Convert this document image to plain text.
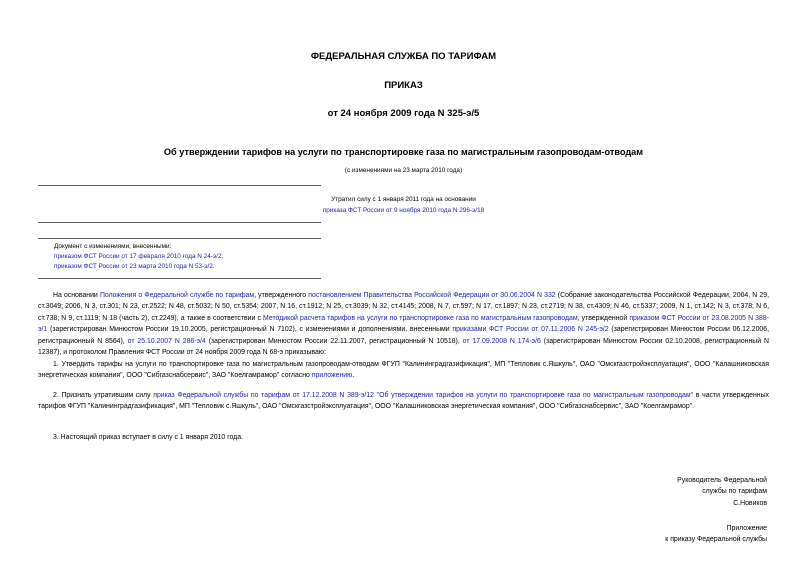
ФЕДЕРАЛЬНАЯ СЛУЖБА ПО ТАРИФАМ
ПРИКАЗ
от 24 ноября 2009 года N 325-э/5
Об утверждении тарифов на услуги по транспортировке газа по магистральным газопроводам-отводам
(с изменениями на 23 марта 2010 года)
Утратил силу с 1 января 2011 года на основании
приказа ФСТ России от 9 ноября 2010 года N 296-э/18
Документ с изменениями, внесенными:
приказом ФСТ России от 17 февраля 2010 года N 24-э/2;
приказом ФСТ России от 23 марта 2010 года N 53-э/2.
На основании Положения о Федеральной службе по тарифам, утвержденного постановлением Правительства Российской Федерации от 30.06.2004 N 332 (Собрание законодательства Российской Федерации, 2004, N 29, ст.3049; 2006, N 3, ст.301; N 23, ст.2522; N 48, ст.5032; N 50, ст.5354; 2007, N 16, ст.1912; N 25, ст.3039; N 32, ст.4145; 2008, N 7, ст.597; N 17, ст.1897; N 23, ст.2719; N 38, ст.4309; N 46, ст.5337; 2009, N 1, ст.142; N 3, ст.378; N 6, ст.738; N 9, ст.1119; N 18 (часть 2), ст.2249), а также в соответствии с Методикой расчета тарифов на услуги по транспортировке газа по магистральным газопроводам, утвержденной приказом ФСТ России от 23.08.2005 N 388-э/1 (зарегистрирован Минюстом России 19.10.2005, регистрационный N 7102), с изменениями и дополнениями, внесенными приказами ФСТ России от 07.11.2006 N 245-э/2 (зарегистрирован Минюстом России 06.12.2006, регистрационный N 8564), от 25.10.2007 N 286-э/4 (зарегистрирован Минюстом России 22.11.2007, регистрационный N 10518), от 17.09.2008 N 174-э/6 (зарегистрирован Минюстом России 02.10.2008, регистрационный N 12387), и протоколом Правления ФСТ России от 24 ноября 2009 года N 68-э приказываю:
1. Утвердить тарифы на услуги по транспортировке газа по магистральным газопроводам-отводам ФГУП "Калининградгазификация", МП "Тепловик с.Яшкуль", ОАО "Омскгазстройэксплуатация", ООО "Калашниковская энергетическая компания", ООО "Сибгазснабсервис", ЗАО "Коелгамрамор" согласно приложению.
2. Признать утратившим силу приказ Федеральной службы по тарифам от 17.12.2008 N 389-э/12 "Об утверждении тарифов на услуги по транспортировке газа по магистральным газопроводам" в части утвержденных тарифов ФГУП "Калининградгазификация", МП "Тепловик с.Яшкуль", ОАО "Омскгазстройэксплуатация", ООО "Калашниковская энергетическая компания", ООО "Сибгазснабсервис", ЗАО "Коелгамрамор".
3. Настоящий приказ вступает в силу с 1 января 2010 года.
Руководитель Федеральной
службы по тарифам
С.Новиков
Приложение
к приказу Федеральной службы
